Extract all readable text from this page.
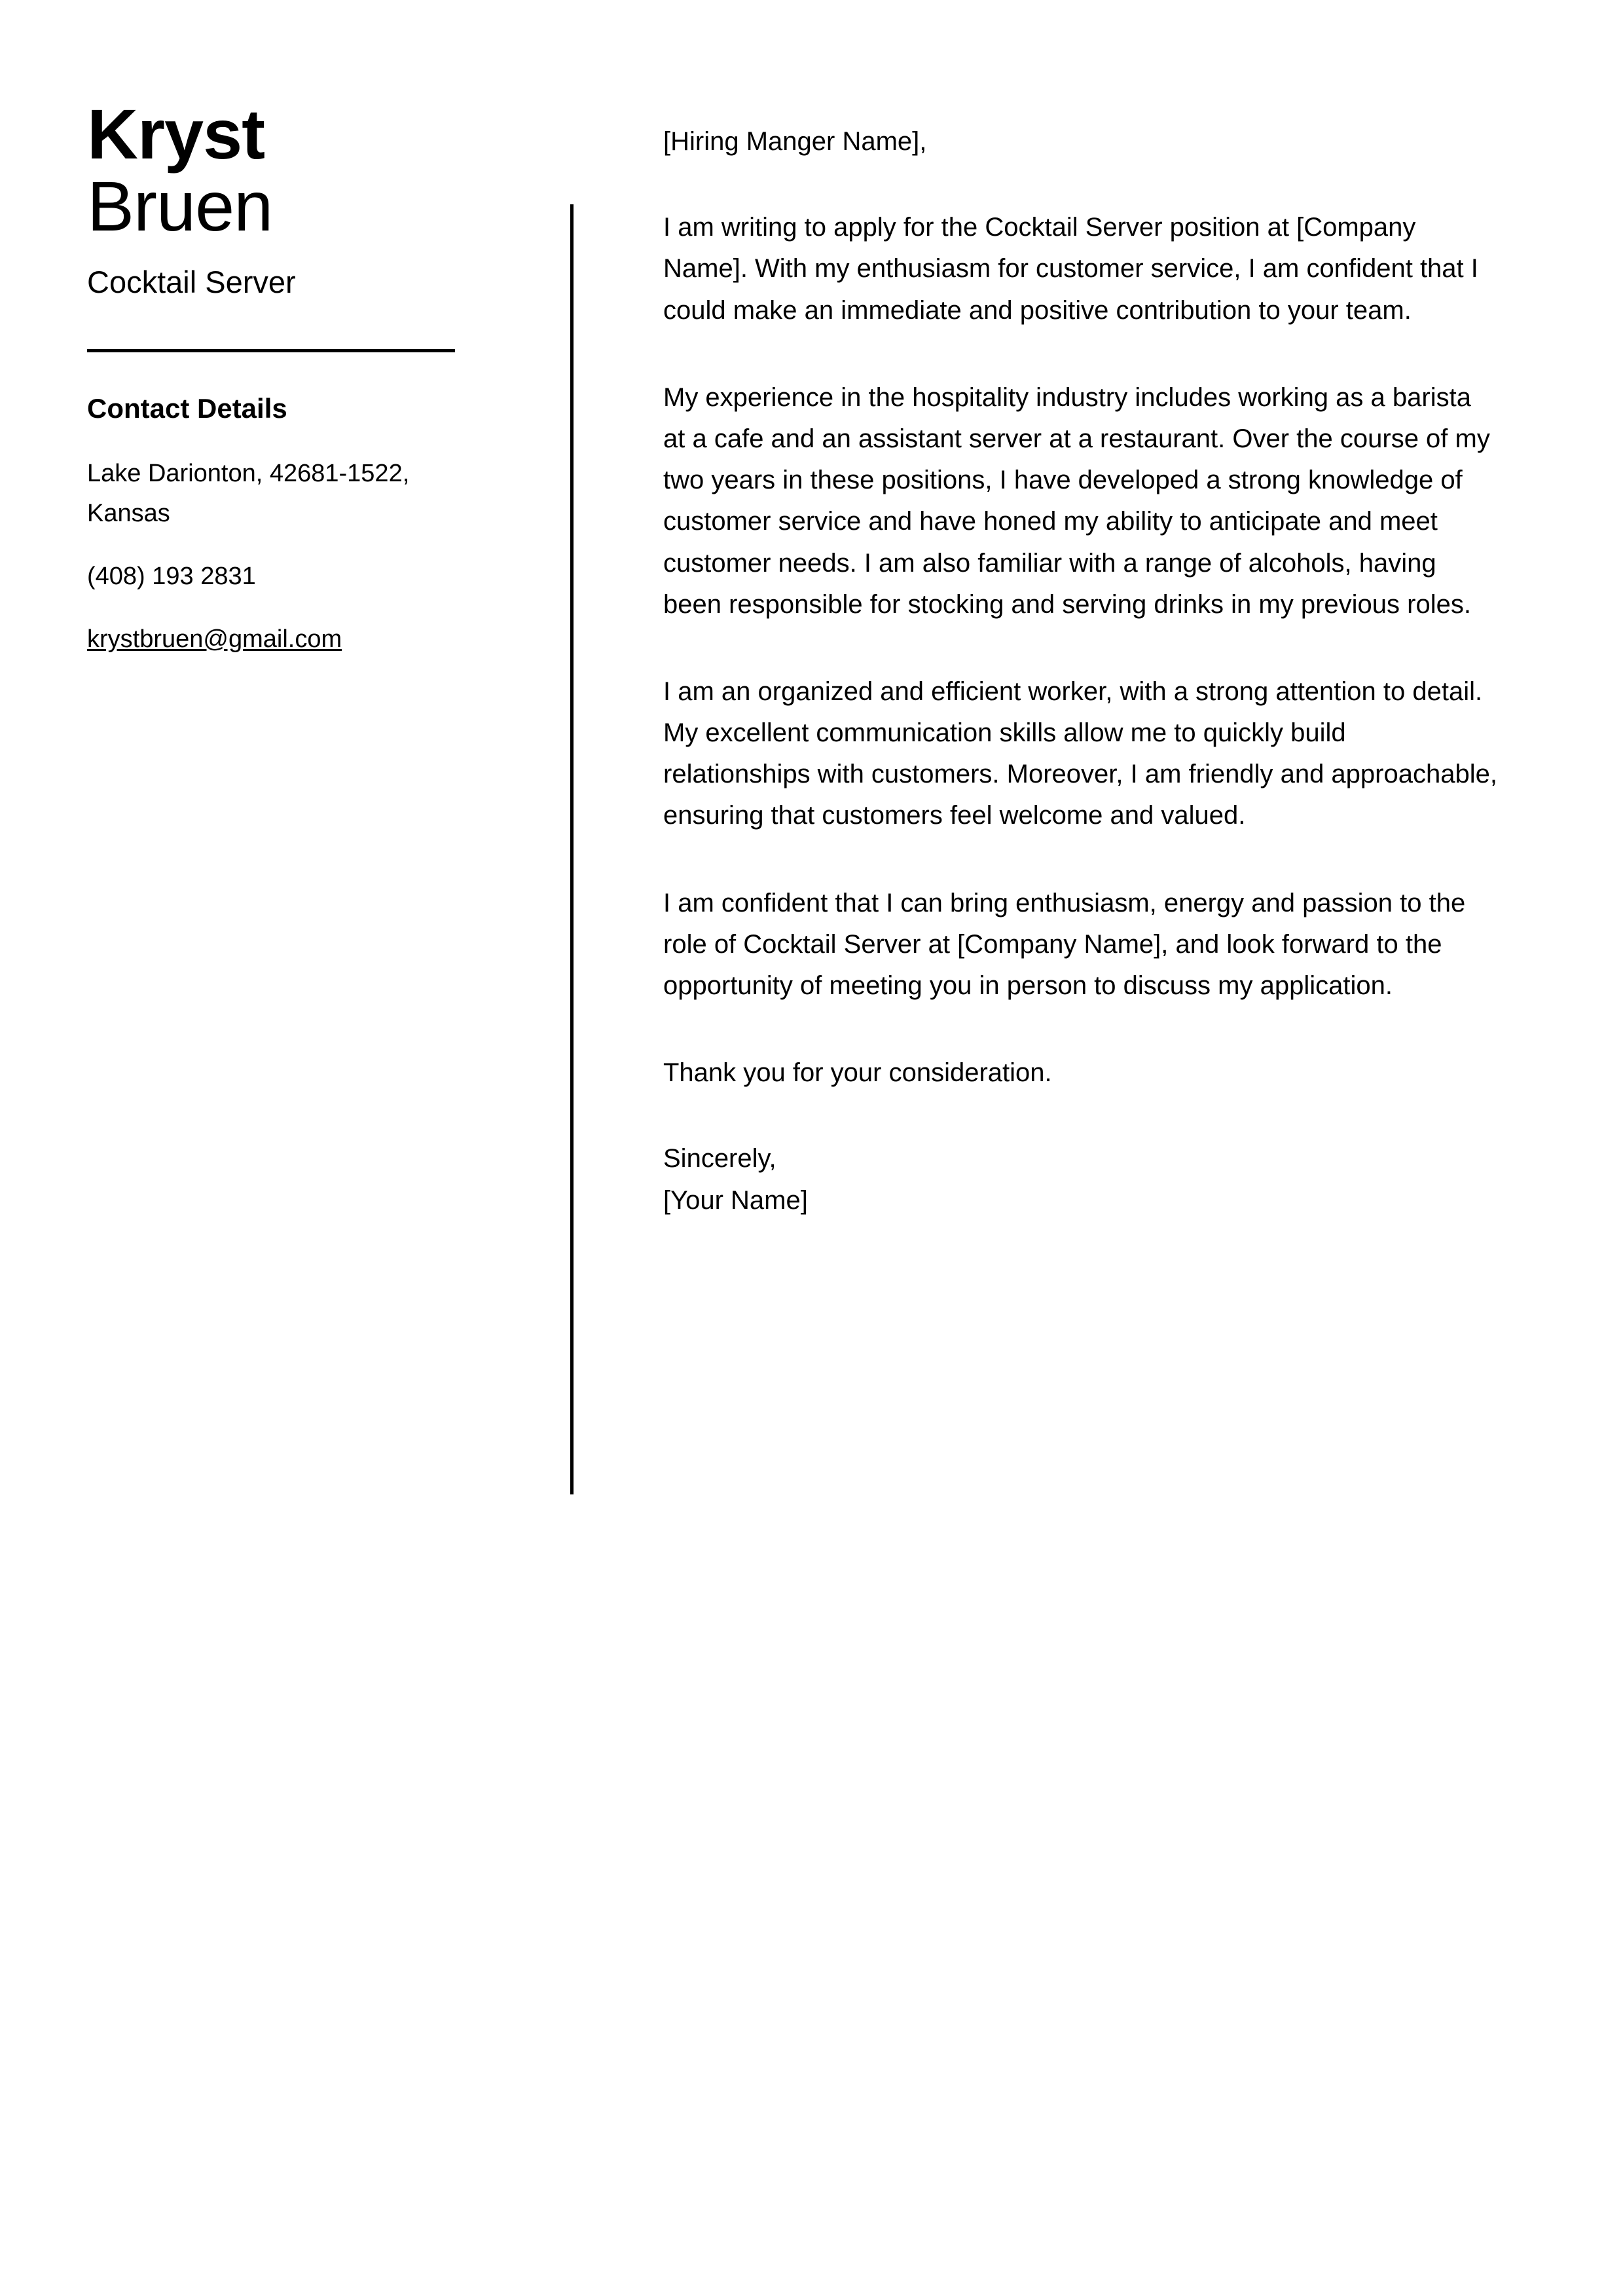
Kryst
Bruen
Cocktail Server
Contact Details
Lake Darionton, 42681-1522, Kansas
(408) 193 2831
krystbruen@gmail.com

[Hiring Manger Name],

I am writing to apply for the Cocktail Server position at [Company Name]. With my enthusiasm for customer service, I am confident that I could make an immediate and positive contribution to your team.

My experience in the hospitality industry includes working as a barista at a cafe and an assistant server at a restaurant. Over the course of my two years in these positions, I have developed a strong knowledge of customer service and have honed my ability to anticipate and meet customer needs. I am also familiar with a range of alcohols, having been responsible for stocking and serving drinks in my previous roles.

I am an organized and efficient worker, with a strong attention to detail. My excellent communication skills allow me to quickly build relationships with customers. Moreover, I am friendly and approachable, ensuring that customers feel welcome and valued.

I am confident that I can bring enthusiasm, energy and passion to the role of Cocktail Server at [Company Name], and look forward to the opportunity of meeting you in person to discuss my application.

Thank you for your consideration.

Sincerely,
[Your Name]
